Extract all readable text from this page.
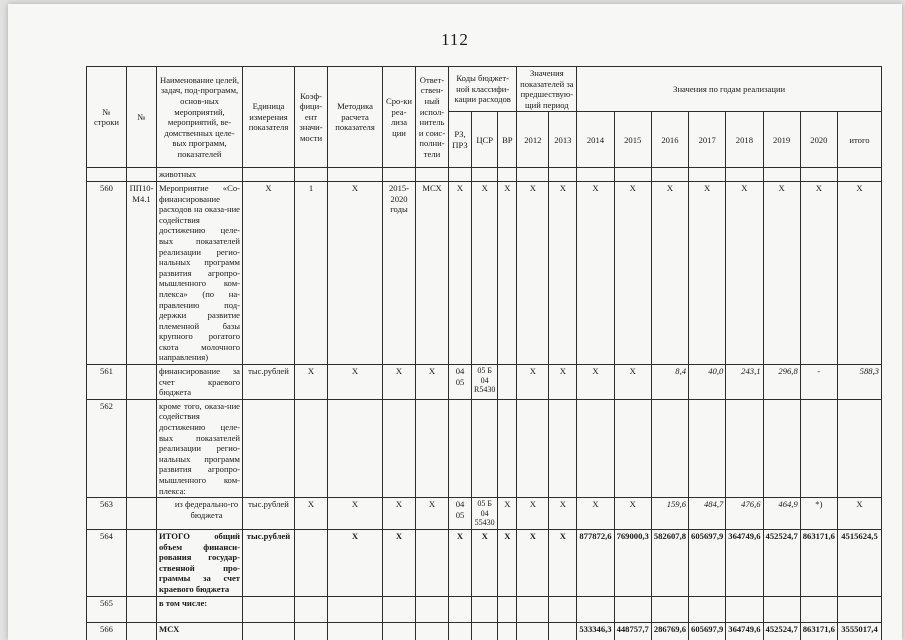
112
№
строки	№	Наименование целей, задач, под-программ, основ-ных мероприятий, мероприятий, ве-домственных целе-вых программ, показателей	Единица измерения показателя	Коэф-фици-ент значи-мости	Методика расчета показателя	Сро-ки реа-лиза ции	Ответ-ствен-ный испол-нитель и соис-полни-тели	Коды бюджет-ной классифи-кации расходов			Значения показателей за предшествую-щий период		Значения по годам реализации							
								РЗ, ПРЗ	ЦСР	ВР	2012	2013	2014	2015	2016	2017	2018	2019	2020	итого
		животных																		
560	ПП10-М4.1	Мероприятие «Со-финансирование расходов на оказа-ние содействия достижению целе-вых показателей реализации регио-нальных программ развития агропро-мышленного ком-плекса» (по на-правлению под-держки развитие племенной базы крупного рогатого скота молочного направления)	X	1	X	2015-2020 годы	МСХ	X	X	X	X	X	X	X	X	X	X	X	X	X
561		финансирование за счет краевого бюджета	тыс.рублей	X	X	X	X	04 05	05 Б 04 R5430		X	X	X	X	8,4	40,0	243,1	296,8	-	588,3
562		кроме того, оказа-ние содействия достижению целе-вых показателей реализации регио-нальных программ развития агропро-мышленного ком-плекса:																		
563		из федерально-го бюджета	тыс.рублей	X	X	X	X	04 05	05 Б 04 55430	X	X	X	X	X	159,6	484,7	476,6	464,9	*)	X
564		ИТОГО общий объем финанси-рования государ-ственной про-граммы за счет краевого бюджета	тыс.рублей		X	X		X	X	X	X	X	877872,6	769000,3	582607,8	605697,9	364749,6	452524,7	863171,6	4515624,5
565		в том числе:																		
566		МСХ											533346,3	448757,7	286769,6	605697,9	364749,6	452524,7	863171,6	3555017,4
